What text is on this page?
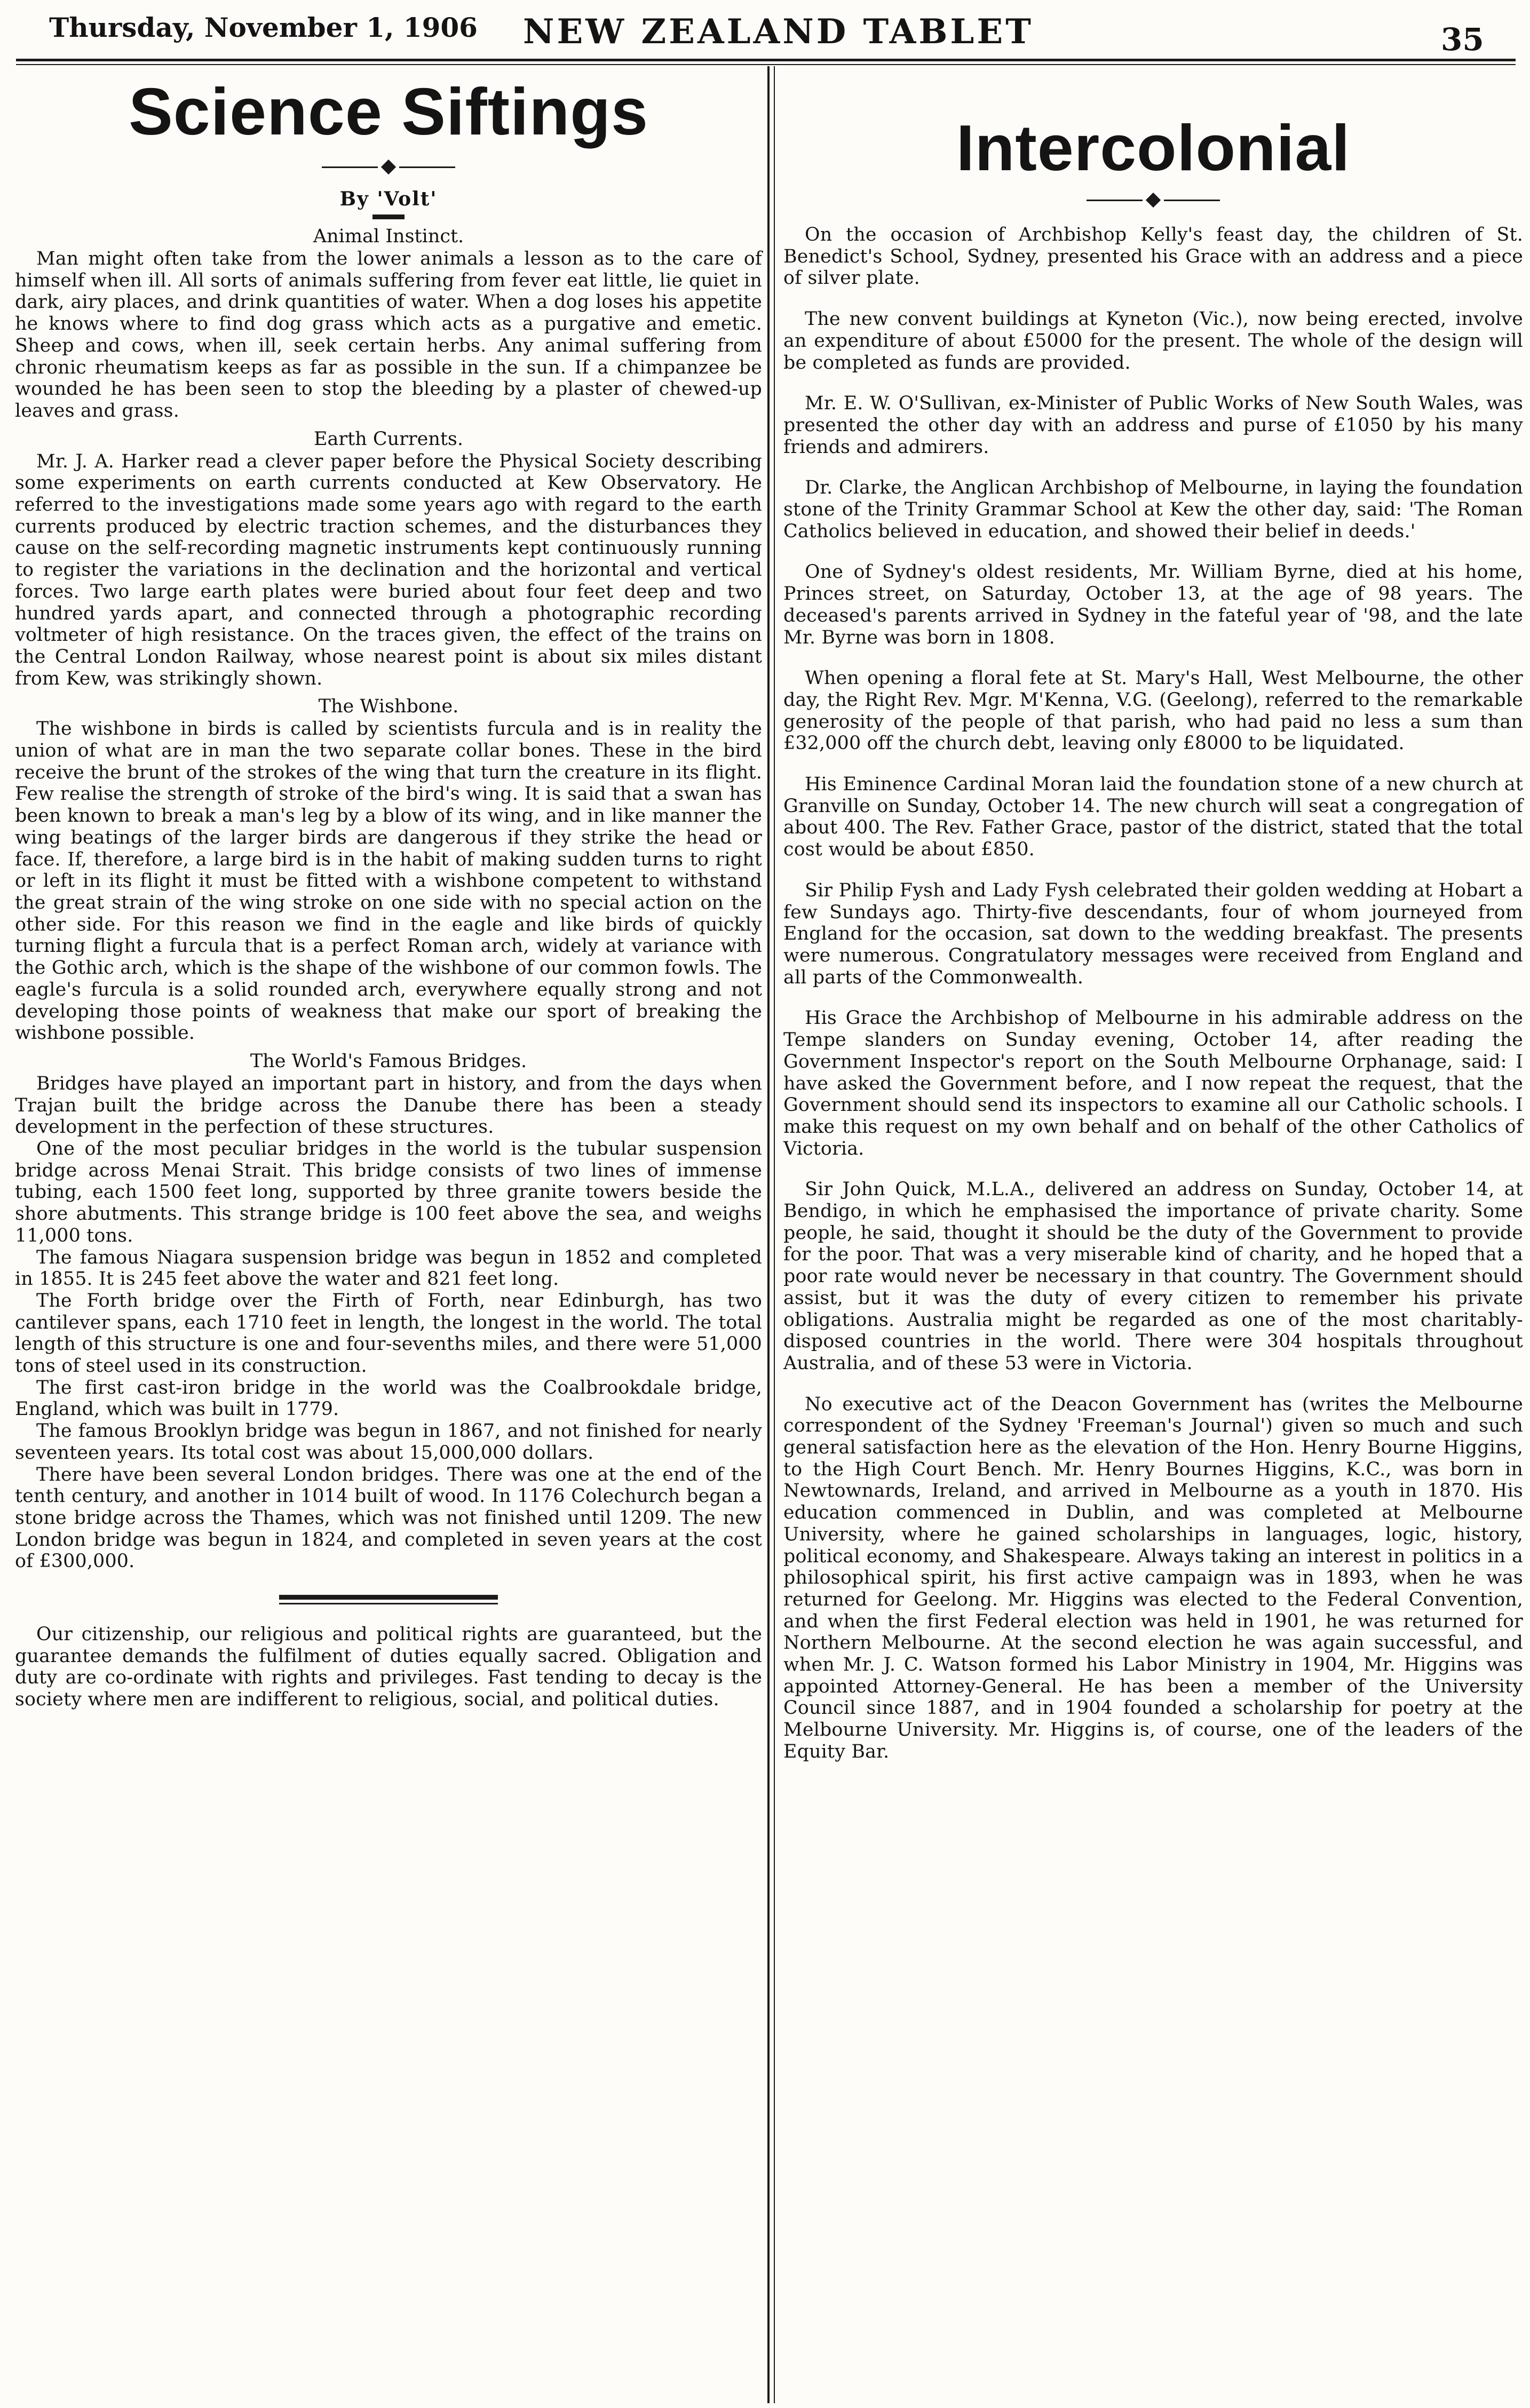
Thursday, November 1, 1906 NEW ZEALAND TABLET	35
Science Siftings
By 'Volt'
Animal Instinct.

Man might often take from the lower animals a lesson as to the care of himself when ill. All sorts of animals suffering from fever eat little, lie quiet in dark, airy places, and drink quantities of water. When a dog loses his appetite he knows where to find dog grass which acts as a purgative and emetic. Sheep and cows, when ill, seek certain herbs. Any animal suffering from chronic rheumatism keeps as far as possible in the sun. If a chimpanzee be wounded he has been seen to stop the bleeding by a plaster of chewed-up leaves and grass.

Earth Currents.

Mr. J. A. Harker read a clever paper before the Physical Society describing some experiments on earth currents conducted at Kew Observatory. He referred to the investigations made some years ago with regard to the earth currents produced by electric traction schemes, and the disturbances they cause on the self-recording magnetic instruments kept continuously running to register the variations in the declination and the horizontal and vertical forces. Two large earth plates were buried about four feet deep and two hundred yards apart, and connected through a photographic recording voltmeter of high resistance. On the traces given, the effect of the trains on the Central London Railway, whose nearest point is about six miles distant from Kew, was strikingly shown.

The Wishbone.

The wishbone in birds is called by scientists furcula and is in reality the union of what are in man the two separate collar bones. These in the bird receive the brunt of the strokes of the wing that turn the creature in its flight. Few realise the strength of stroke of the bird's wing. It is said that a swan has been known to break a man's leg by a blow of its wing, and in like manner the wing beatings of the larger birds are dangerous if they strike the head or face. If, therefore, a large bird is in the habit of making sudden turns to right or left in its flight it must be fitted with a wishbone competent to withstand the great strain of the wing stroke on one side with no special action on the other side. For this reason we find in the eagle and like birds of quickly turning flight a furcula that is a perfect Roman arch, widely at variance with the Gothic arch, which is the shape of the wishbone of our common fowls. The eagle's furcula is a solid rounded arch, everywhere equally strong and not developing those points of weakness that make our sport of breaking the wishbone possible.

The World's Famous Bridges.

Bridges have played an important part in history, and from the days when Trajan built the bridge across the Danube there has been a steady development in the perfection of these structures.

One of the most peculiar bridges in the world is the tubular suspension bridge across Menai Strait. This bridge consists of two lines of immense tubing, each 1500 feet long, supported by three granite towers beside the shore abutments. This strange bridge is 100 feet above the sea, and weighs 11,000 tons.

The famous Niagara suspension bridge was begun in 1852 and completed in 1855. It is 245 feet above the water and 821 feet long.

The Forth bridge over the Firth of Forth, near Edinburgh, has two cantilever spans, each 1710 feet in length, the longest in the world. The total length of this structure is one and four-sevenths miles, and there were 51,000 tons of steel used in its construction.

The first cast-iron bridge in the world was the Coalbrookdale bridge, England, which was built in 1779.

The famous Brooklyn bridge was begun in 1867, and not finished for nearly seventeen years. Its total cost was about 15,000,000 dollars.

There have been several London bridges. There was one at the end of the tenth century, and another in 1014 built of wood. In 1176 Colechurch began a stone bridge across the Thames, which was not finished until 1209. The new London bridge was begun in 1824, and completed in seven years at the cost of £300,000.

Our citizenship, our religious and political rights are guaranteed, but the guarantee demands the fulfilment of duties equally sacred. Obligation and duty are co-ordinate with rights and privileges. Fast tending to decay is the society where men are indifferent to religious, social, and political duties.

Intercolonial

On the occasion of Archbishop Kelly's feast day, the children of St. Benedict's School, Sydney, presented his Grace with an address and a piece of silver plate.

The new convent buildings at Kyneton (Vic.), now being erected, involve an expenditure of about £5000 for the present. The whole of the design will be completed as funds are provided.

Mr. E. W. O'Sullivan, ex-Minister of Public Works of New South Wales, was presented the other day with an address and purse of £1050 by his many friends and admirers.

Dr. Clarke, the Anglican Archbishop of Melbourne, in laying the foundation stone of the Trinity Grammar School at Kew the other day, said: 'The Roman Catholics believed in education, and showed their belief in deeds.'

One of Sydney's oldest residents, Mr. William Byrne, died at his home, Princes street, on Saturday, October 13, at the age of 98 years. The deceased's parents arrived in Sydney in the fateful year of '98, and the late Mr. Byrne was born in 1808.

When opening a floral fete at St. Mary's Hall, West Melbourne, the other day, the Right Rev. Mgr. M'Kenna, V.G. (Geelong), referred to the remarkable generosity of the people of that parish, who had paid no less a sum than £32,000 off the church debt, leaving only £8000 to be liquidated.

His Eminence Cardinal Moran laid the foundation stone of a new church at Granville on Sunday, October 14. The new church will seat a congregation of about 400. The Rev. Father Grace, pastor of the district, stated that the total cost would be about £850.

Sir Philip Fysh and Lady Fysh celebrated their golden wedding at Hobart a few Sundays ago. Thirty-five descendants, four of whom journeyed from England for the occasion, sat down to the wedding breakfast. The presents were numerous. Congratulatory messages were received from England and all parts of the Commonwealth.

His Grace the Archbishop of Melbourne in his admirable address on the Tempe slanders on Sunday evening, October 14, after reading the Government Inspector's report on the South Melbourne Orphanage, said: I have asked the Government before, and I now repeat the request, that the Government should send its inspectors to examine all our Catholic schools. I make this request on my own behalf and on behalf of the other Catholics of Victoria.

Sir John Quick, M.L.A., delivered an address on Sunday, October 14, at Bendigo, in which he emphasised the importance of private charity. Some people, he said, thought it should be the duty of the Government to provide for the poor. That was a very miserable kind of charity, and he hoped that a poor rate would never be necessary in that country. The Government should assist, but it was the duty of every citizen to remember his private obligations. Australia might be regarded as one of the most charitably-disposed countries in the world. There were 304 hospitals throughout Australia, and of these 53 were in Victoria.

No executive act of the Deacon Government has (writes the Melbourne correspondent of the Sydney 'Freeman's Journal') given so much and such general satisfaction here as the elevation of the Hon. Henry Bourne Higgins, to the High Court Bench. Mr. Henry Bournes Higgins, K.C., was born in Newtownards, Ireland, and arrived in Melbourne as a youth in 1870. His education commenced in Dublin, and was completed at Melbourne University, where he gained scholarships in languages, logic, history, political economy, and Shakespeare. Always taking an interest in politics in a philosophical spirit, his first active campaign was in 1893, when he was returned for Geelong. Mr. Higgins was elected to the Federal Convention, and when the first Federal election was held in 1901, he was returned for Northern Melbourne. At the second election he was again successful, and when Mr. J. C. Watson formed his Labor Ministry in 1904, Mr. Higgins was appointed Attorney-General. He has been a member of the University Council since 1887, and in 1904 founded a scholarship for poetry at the Melbourne University. Mr. Higgins is, of course, one of the leaders of the Equity Bar.
